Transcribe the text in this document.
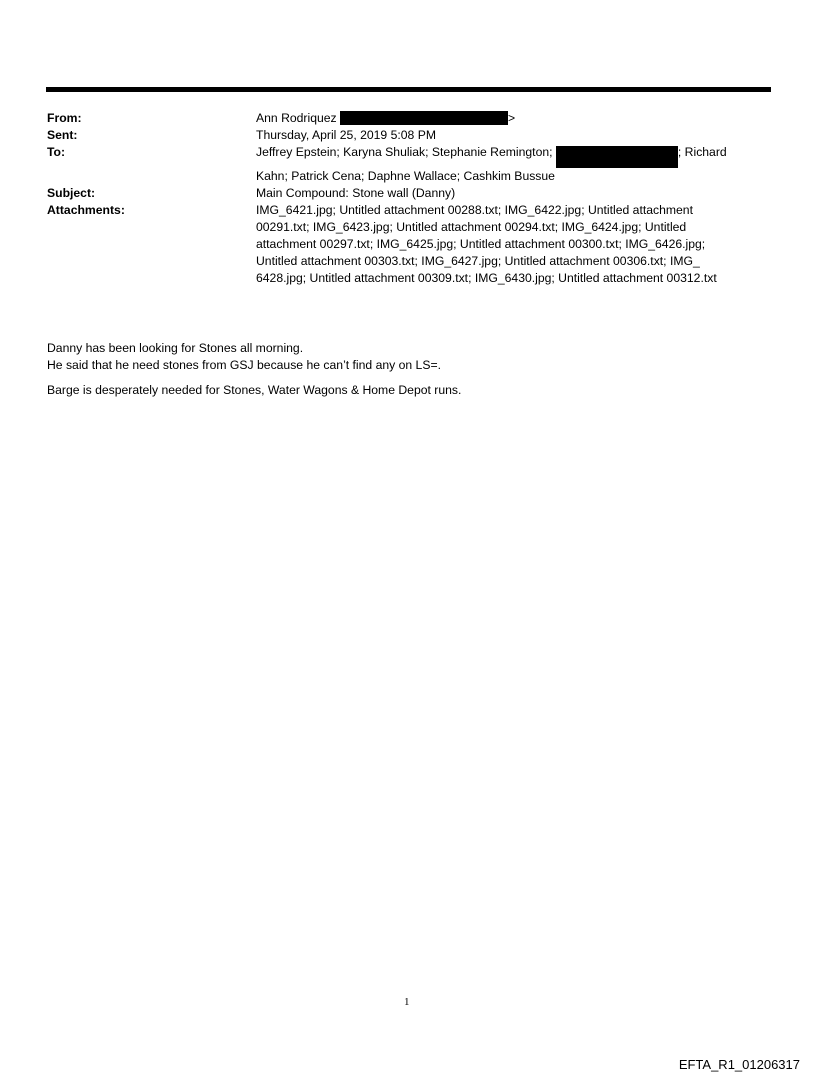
From:	Ann Rodriquez	>
Sent:	Thursday, April 25, 2019 5:08 PM
To:	Jeffrey Epstein; Karyna Shuliak; Stephanie Remington;	; Richard
Kahn; Patrick Cena; Daphne Wallace; Cashkim Bussue
Subject:	Main Compound: Stone wall (Danny)
Attachments:	IMG_6421.jpg; Untitled attachment 00288.txt; IMG_6422.jpg; Untitled attachment
00291.txt; IMG_6423.jpg; Untitled attachment 00294.txt; IMG_6424.jpg; Untitled
attachment 00297.txt; IMG_6425.jpg; Untitled attachment 00300.txt; IMG_6426.jpg;
Untitled attachment 00303.txt; IMG_6427.jpg; Untitled attachment 00306.txt; IMG_
6428.jpg; Untitled attachment 00309.txt; IMG_6430.jpg; Untitled attachment 00312.txt
Danny has been looking for Stones all morning.
He said that he need stones from GSJ because he can’t find any on LS=.
Barge is desperately needed for Stones, Water Wagons & Home Depot runs.
1
EFTA_R1_01206317
